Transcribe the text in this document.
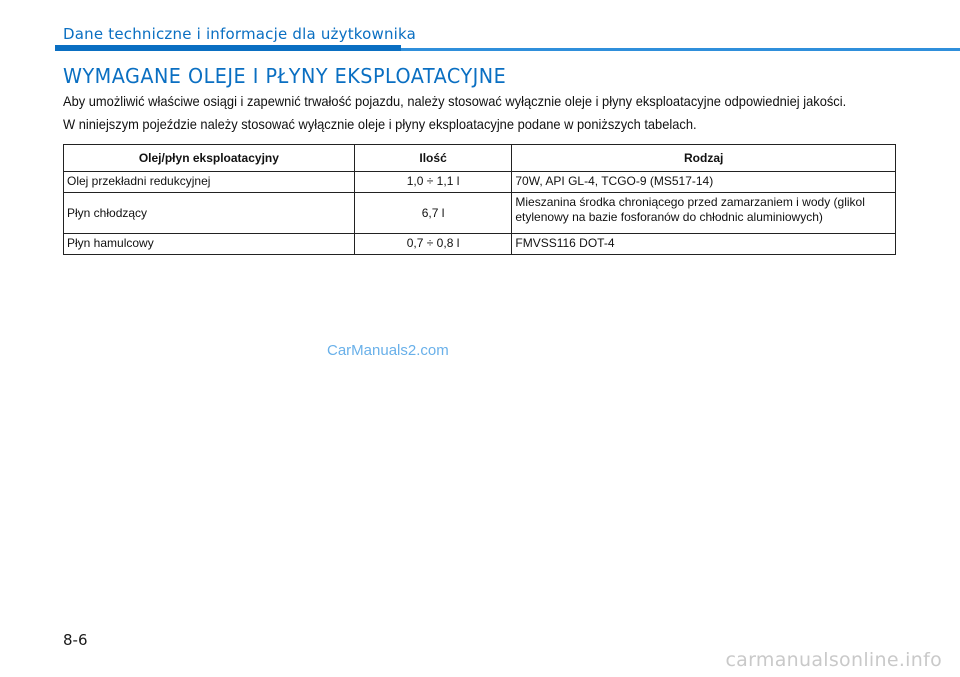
Dane techniczne i informacje dla użytkownika
WYMAGANE OLEJE I PŁYNY EKSPLOATACYJNE
Aby umożliwić właściwe osiągi i zapewnić trwałość pojazdu, należy stosować wyłącznie oleje i płyny eksploatacyjne odpowiedniej jakości.
W niniejszym pojeździe należy stosować wyłącznie oleje i płyny eksploatacyjne podane w poniższych tabelach.
Olej/płyn eksploatacyjny	Ilość	Rodzaj
Olej przekładni redukcyjnej	1,0 ÷ 1,1 l	70W, API GL-4, TCGO-9 (MS517-14)
Płyn chłodzący	6,7 l	Mieszanina środka chroniącego przed zamarzaniem i wody (glikol etylenowy na bazie fosforanów do chłodnic aluminiowych)
Płyn hamulcowy	0,7 ÷ 0,8 l	FMVSS116 DOT-4
CarManuals2.com
8-6
carmanualsonline.info
